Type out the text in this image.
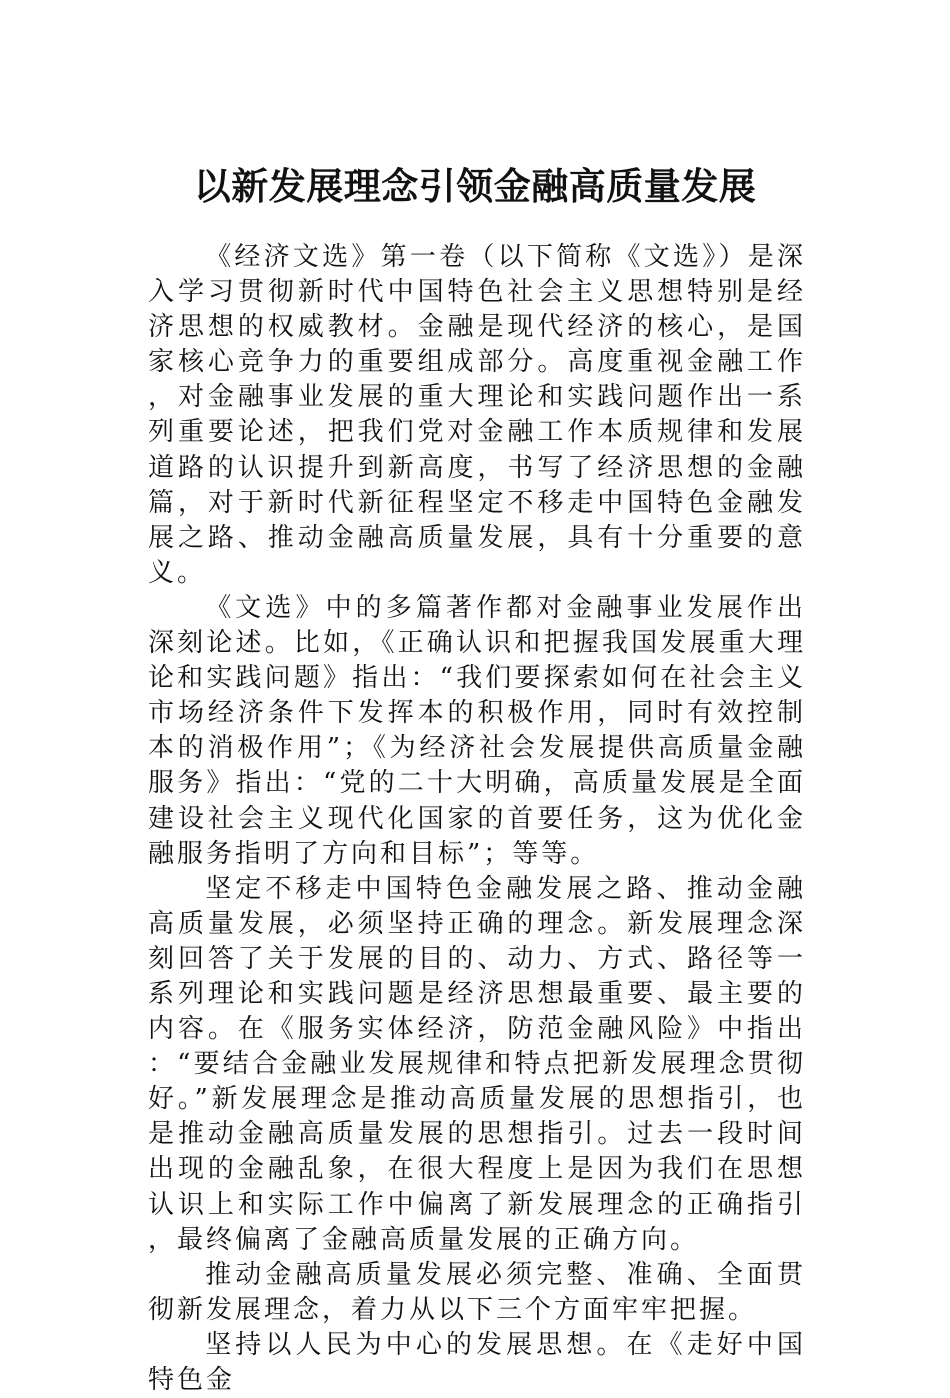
以新发展理念引领金融高质量发展

《经济文选》第一卷（以下简称《文选》）是深入学习贯彻新时代中国特色社会主义思想特别是经济思想的权威教材。金融是现代经济的核心，是国家核心竞争力的重要组成部分。高度重视金融工作，对金融事业发展的重大理论和实践问题作出一系列重要论述，把我们党对金融工作本质规律和发展道路的认识提升到新高度，书写了经济思想的金融篇，对于新时代新征程坚定不移走中国特色金融发展之路、推动金融高质量发展，具有十分重要的意义。

《文选》中的多篇著作都对金融事业发展作出深刻论述。比如，《正确认识和把握我国发展重大理论和实践问题》指出：“我们要探索如何在社会主义市场经济条件下发挥本的积极作用，同时有效控制本的消极作用”；《为经济社会发展提供高质量金融服务》指出：“党的二十大明确，高质量发展是全面建设社会主义现代化国家的首要任务，这为优化金融服务指明了方向和目标”；等等。

坚定不移走中国特色金融发展之路、推动金融高质量发展，必须坚持正确的理念。新发展理念深刻回答了关于发展的目的、动力、方式、路径等一系列理论和实践问题是经济思想最重要、最主要的内容。在《服务实体经济，防范金融风险》中指出：“要结合金融业发展规律和特点把新发展理念贯彻好。”新发展理念是推动高质量发展的思想指引，也是推动金融高质量发展的思想指引。过去一段时间出现的金融乱象，在很大程度上是因为我们在思想认识上和实际工作中偏离了新发展理念的正确指引，最终偏离了金融高质量发展的正确方向。

推动金融高质量发展必须完整、准确、全面贯彻新发展理念，着力从以下三个方面牢牢把握。

坚持以人民为中心的发展思想。在《走好中国特色金
